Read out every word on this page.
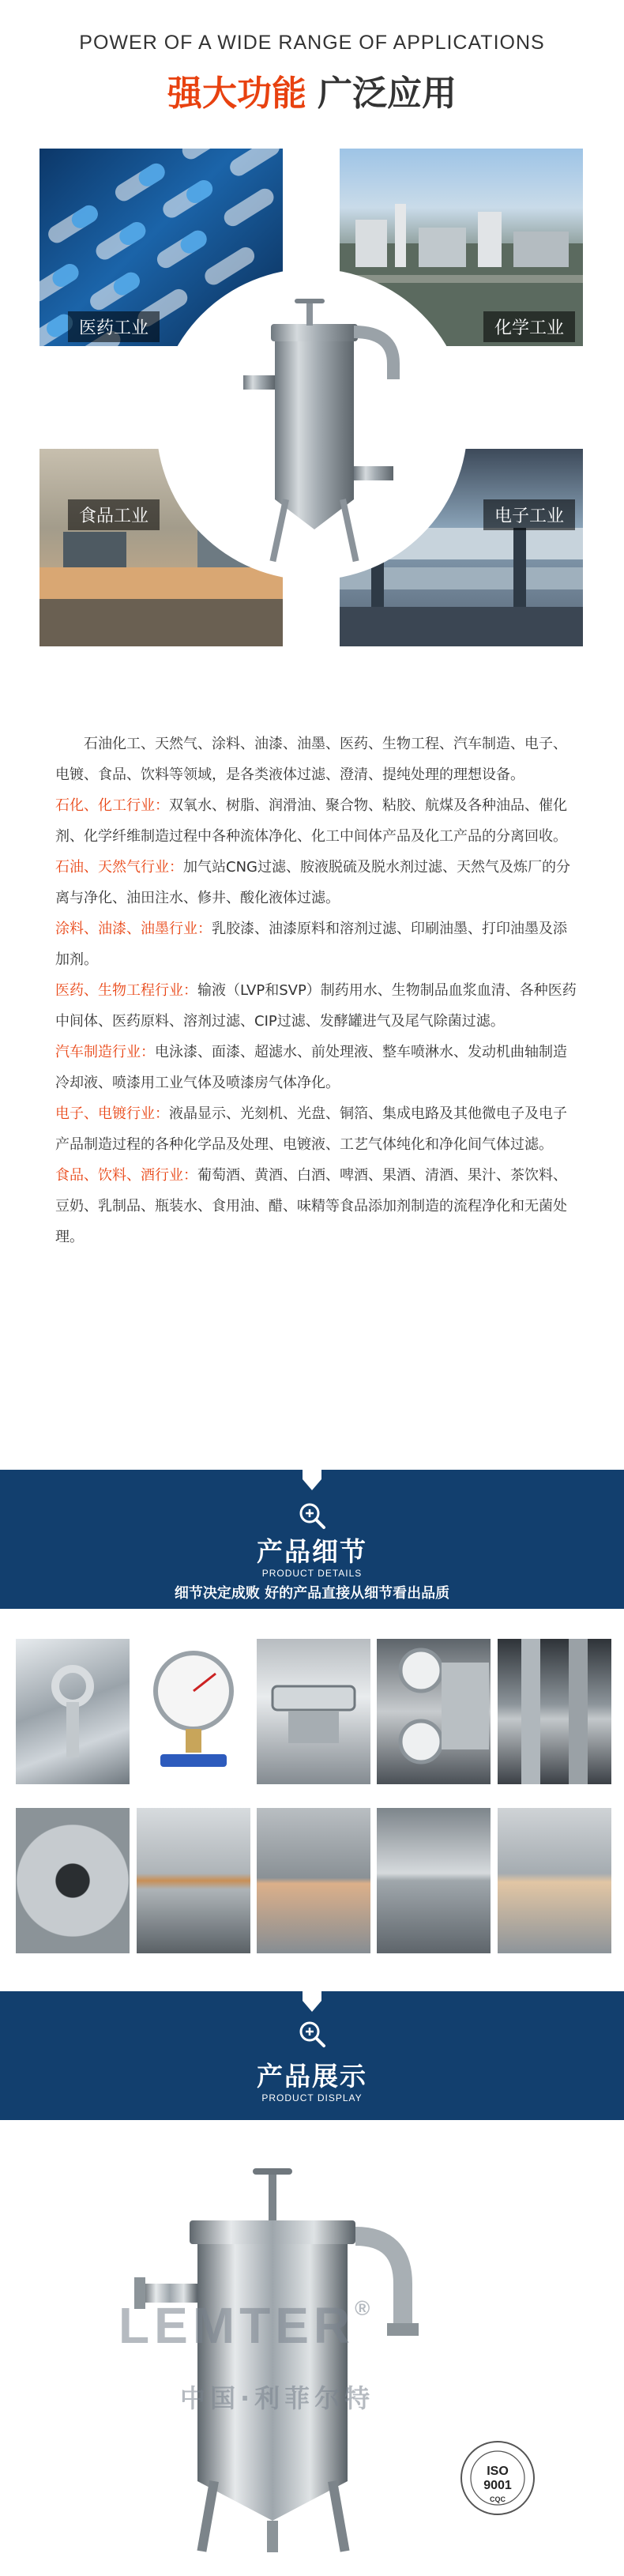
POWER OF A WIDE RANGE OF APPLICATIONS
强大功能 广泛应用
医药工业	化学工业
食品工业	电子工业

石油化工、天然气、涂料、油漆、油墨、医药、生物工程、汽车制造、电子、电镀、食品、饮料等领域，是各类液体过滤、澄清、提纯处理的理想设备。

石化、化工行业：双氧水、树脂、润滑油、聚合物、粘胶、航煤及各种油品、催化剂、化学纤维制造过程中各种流体净化、化工中间体产品及化工产品的分离回收。

石油、天然气行业：加气站CNG过滤、胺液脱硫及脱水剂过滤、天然气及炼厂的分离与净化、油田注水、修井、酸化液体过滤。

涂料、油漆、油墨行业：乳胶漆、油漆原料和溶剂过滤、印刷油墨、打印油墨及添加剂。

医药、生物工程行业：输液（LVP和SVP）制药用水、生物制品血浆血清、各种医药中间体、医药原料、溶剂过滤、CIP过滤、发酵罐进气及尾气除菌过滤。

汽车制造行业：电泳漆、面漆、超滤水、前处理液、整车喷淋水、发动机曲轴制造冷却液、喷漆用工业气体及喷漆房气体净化。

电子、电镀行业：液晶显示、光刻机、光盘、铜箔、集成电路及其他微电子及电子产品制造过程的各种化学品及处理、电镀液、工艺气体纯化和净化间气体过滤。

食品、饮料、酒行业：葡萄酒、黄酒、白酒、啤酒、果酒、清酒、果汁、茶饮料、豆奶、乳制品、瓶装水、食用油、醋、味精等食品添加剂制造的流程净化和无菌处理。

产品细节
PRODUCT DETAILS
细节决定成败 好的产品直接从细节看出品质
产品展示
PRODUCT DISPLAY
LEMTER®
中国·利菲尔特
ISO
9001
CQC
